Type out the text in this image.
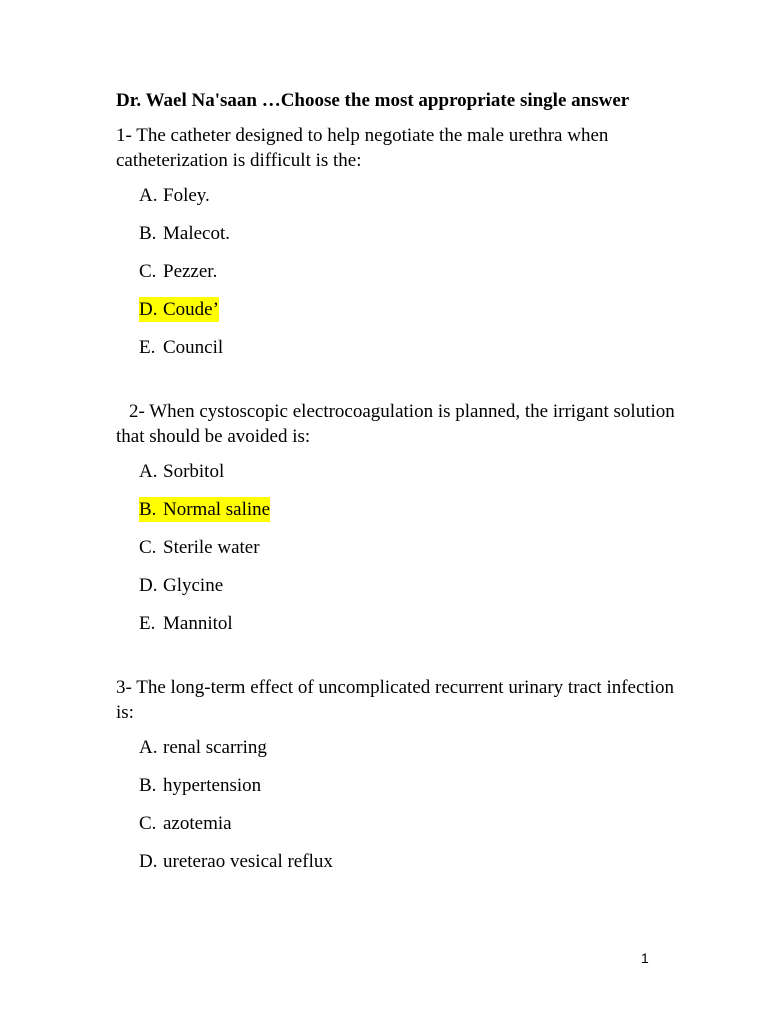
Dr. Wael Na'saan …Choose the most appropriate single answer

1- The catheter designed to help negotiate the male urethra when catheterization is difficult is the:

A. Foley.
B. Malecot.
C. Pezzer.
D. Coude’
E. Council

2- When cystoscopic electrocoagulation is planned, the irrigant solution that should be avoided is:

A. Sorbitol
B. Normal saline
C. Sterile water
D. Glycine
E. Mannitol

3- The long-term effect of uncomplicated recurrent urinary tract infection is:

A. renal scarring
B. hypertension
C. azotemia
D. ureterao vesical reflux
1
